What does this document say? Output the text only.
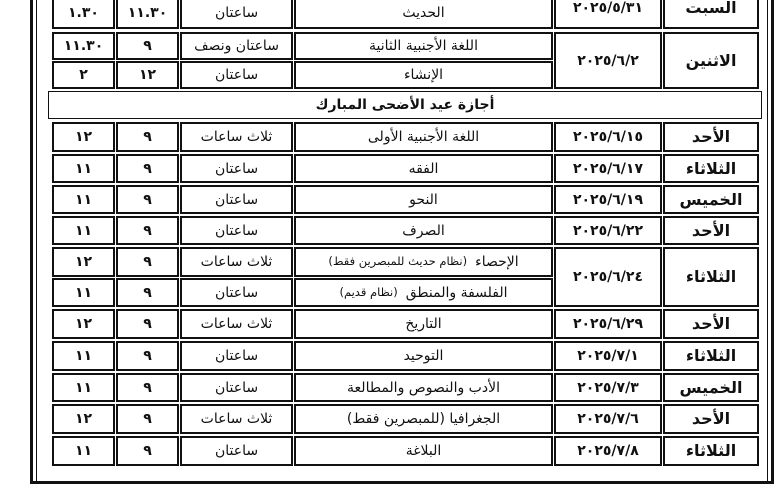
السبت
٢٠٢٥/٥/٣١
الحديث
ساعتان
١١.٣٠
١.٣٠
الاثنين
٢٠٢٥/٦/٢
اللغة الأجنبية الثانية
ساعتان ونصف
٩
١١.٣٠
الإنشاء
ساعتان
١٢
٢
أجازة عيد الأضحى المبارك
الأحد
٢٠٢٥/٦/١٥
اللغة الأجنبية الأولى
ثلاث ساعات
٩
١٢
الثلاثاء
٢٠٢٥/٦/١٧
الفقه
ساعتان
٩
١١
الخميس
٢٠٢٥/٦/١٩
النحو
ساعتان
٩
١١
الأحد
٢٠٢٥/٦/٢٢
الصرف
ساعتان
٩
١١
الثلاثاء
٢٠٢٥/٦/٢٤
الإحصاء
(نظام حديث للمبصرين فقط)
ثلاث ساعات
٩
١٢
الفلسفة والمنطق
(نظام قديم)
ساعتان
٩
١١
الأحد
٢٠٢٥/٦/٢٩
التاريخ
ثلاث ساعات
٩
١٢
الثلاثاء
٢٠٢٥/٧/١
التوحيد
ساعتان
٩
١١
الخميس
٢٠٢٥/٧/٣
الأدب والنصوص والمطالعة
ساعتان
٩
١١
الأحد
٢٠٢٥/٧/٦
الجغرافيا (للمبصرين فقط)
ثلاث ساعات
٩
١٢
الثلاثاء
٢٠٢٥/٧/٨
البلاغة
ساعتان
٩
١١
